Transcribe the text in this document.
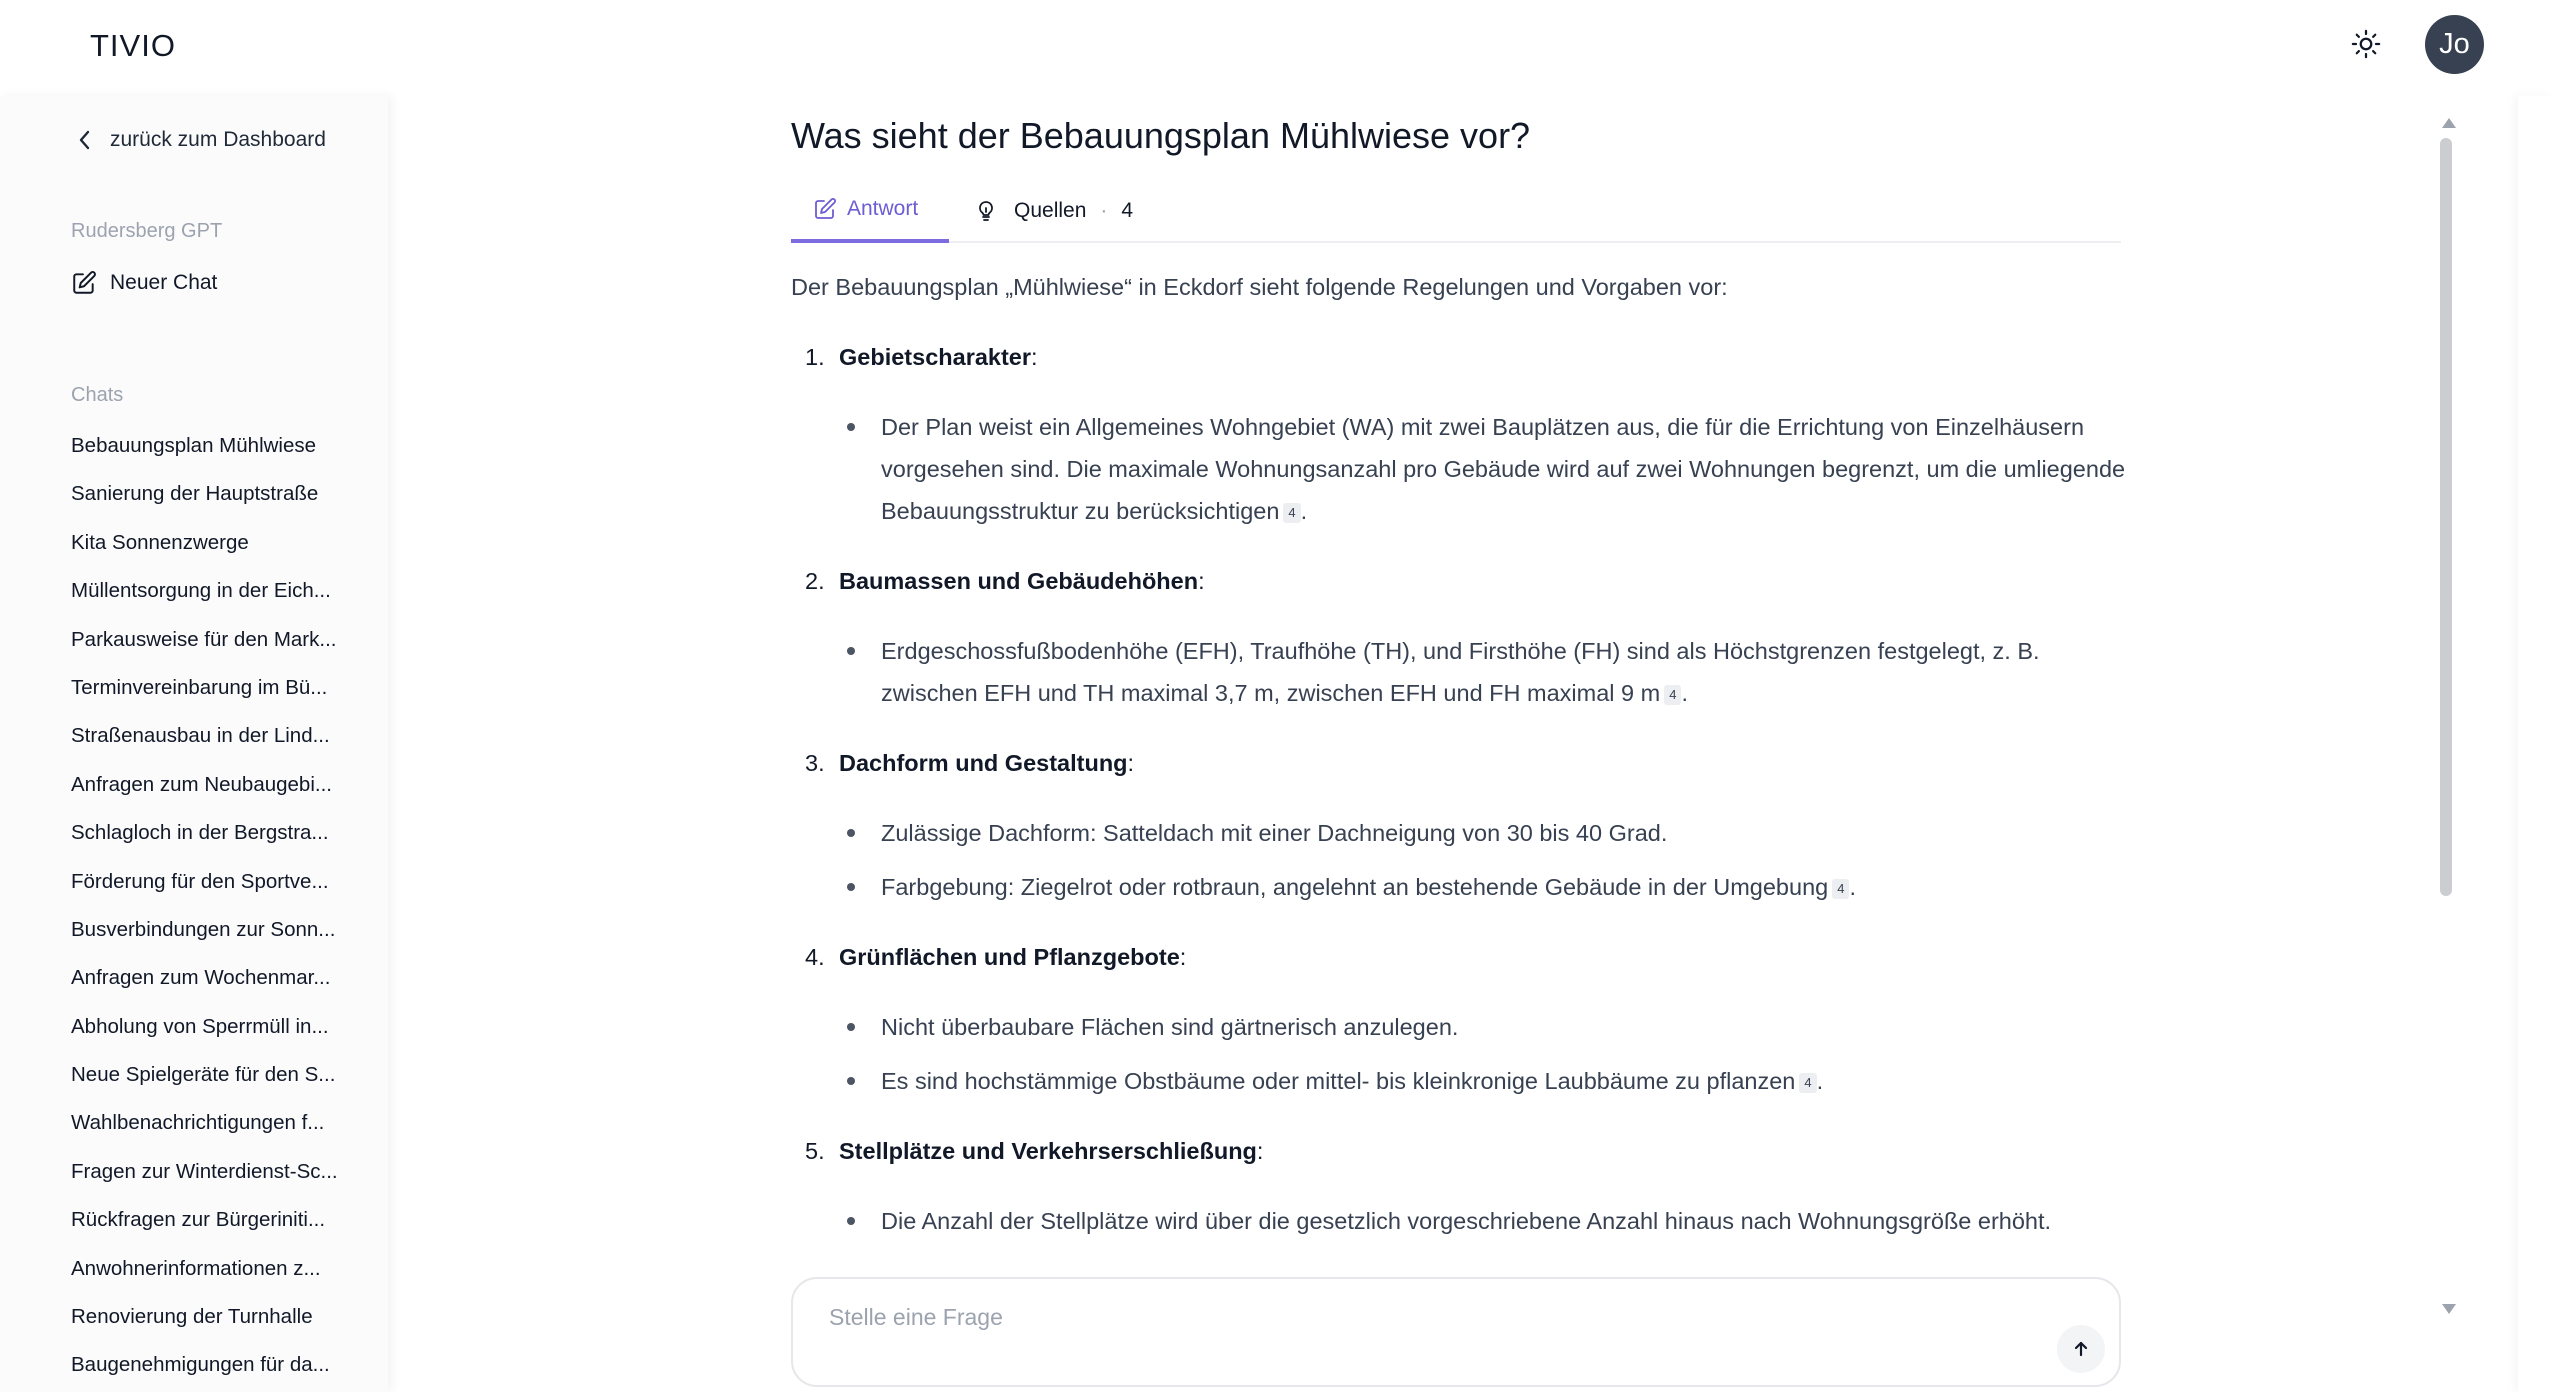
TIVIO	Jo
zurück zum Dashboard
Rudersberg GPT
Neuer Chat
Chats
Bebauungsplan Mühlwiese
Sanierung der Hauptstraße
Kita Sonnenzwerge
Müllentsorgung in der Eich...
Parkausweise für den Mark...
Terminvereinbarung im Bü...
Straßenausbau in der Lind...
Anfragen zum Neubaugebi...
Schlagloch in der Bergstra...
Förderung für den Sportve...
Busverbindungen zur Sonn...
Anfragen zum Wochenmar...
Abholung von Sperrmüll in...
Neue Spielgeräte für den S...
Wahlbenachrichtigungen f...
Fragen zur Winterdienst-Sc...
Rückfragen zur Bürgeriniti...
Anwohnerinformationen z...
Renovierung der Turnhalle
Baugenehmigungen für da...
Was sieht der Bebauungsplan Mühlwiese vor?
Antwort	Quellen · 4

Der Bebauungsplan „Mühlwiese“ in Eckdorf sieht folgende Regelungen und Vorgaben vor:

1. Gebietscharakter:
Der Plan weist ein Allgemeines Wohngebiet (WA) mit zwei Bauplätzen aus, die für die Errichtung von Einzelhäusern vorgesehen sind. Die maximale Wohnungsanzahl pro Gebäude wird auf zwei Wohnungen begrenzt, um die umliegende Bebauungsstruktur zu berücksichtigen 4 .
2. Baumassen und Gebäudehöhen:
Erdgeschossfußbodenhöhe (EFH), Traufhöhe (TH), und Firsthöhe (FH) sind als Höchstgrenzen festgelegt, z. B. zwischen EFH und TH maximal 3,7 m, zwischen EFH und FH maximal 9 m 4 .
3. Dachform und Gestaltung:
Zulässige Dachform: Satteldach mit einer Dachneigung von 30 bis 40 Grad.
Farbgebung: Ziegelrot oder rotbraun, angelehnt an bestehende Gebäude in der Umgebung 4 .
4. Grünflächen und Pflanzgebote:
Nicht überbaubare Flächen sind gärtnerisch anzulegen.
Es sind hochstämmige Obstbäume oder mittel- bis kleinkronige Laubbäume zu pflanzen 4 .
5. Stellplätze und Verkehrserschließung:
Die Anzahl der Stellplätze wird über die gesetzlich vorgeschriebene Anzahl hinaus nach Wohnungsgröße erhöht.
Stelle eine Frage
